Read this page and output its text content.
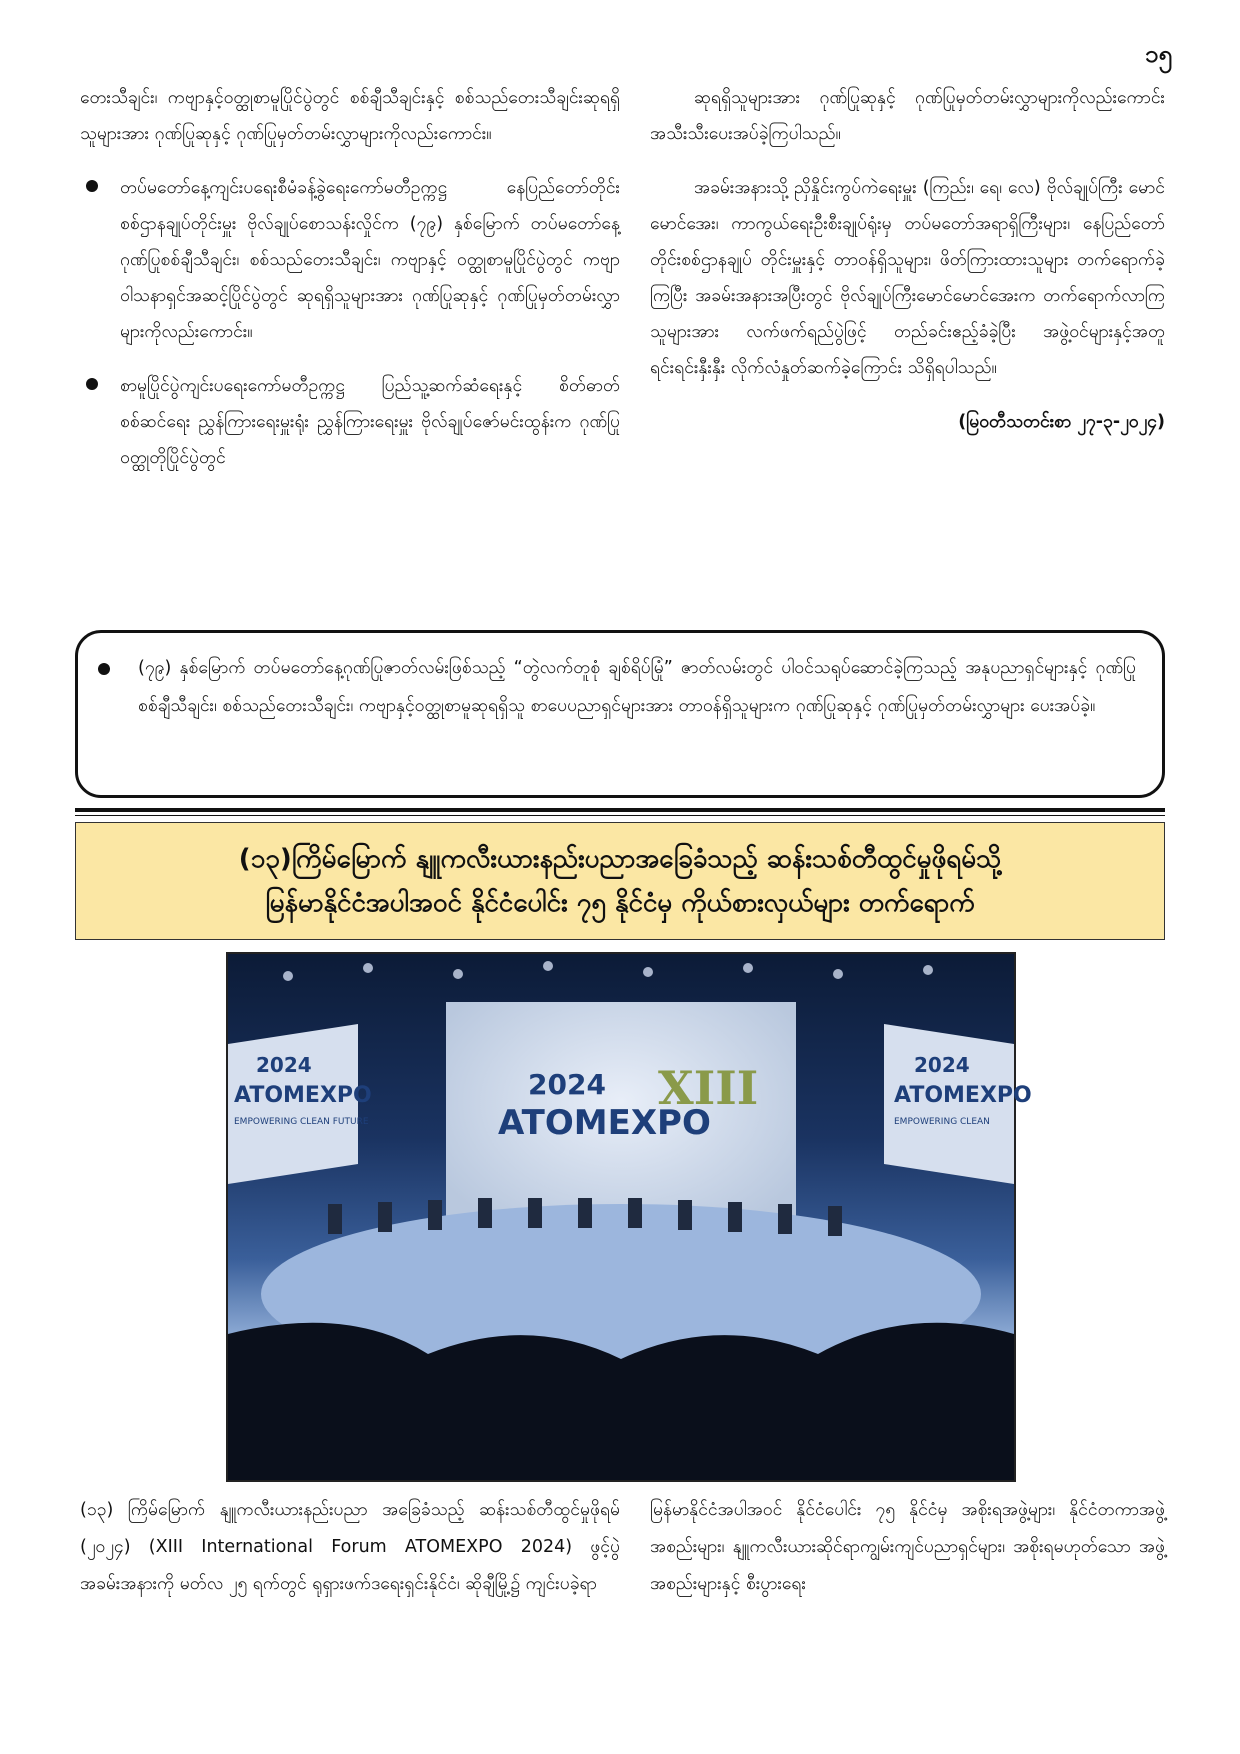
၁၅

တေးသီချင်း၊ ကဗျာနှင့်ဝတ္ထုစာမူပြိုင်ပွဲတွင် စစ်ချီသီချင်းနှင့် စစ်သည်တေးသီချင်းဆုရရှိသူများအား ဂုဏ်ပြုဆုနှင့် ဂုဏ်ပြုမှတ်တမ်းလွှာများကိုလည်းကောင်း။

တပ်မတော်နေ့ကျင်းပရေးစီမံခန့်ခွဲရေးကော်မတီဥက္ကဋ္ဌ နေပြည်တော်တိုင်း စစ်ဌာနချုပ်တိုင်းမှူး ဗိုလ်ချုပ်စောသန်းလှိုင်က (၇၉) နှစ်မြောက် တပ်မတော်နေ့ ဂုဏ်ပြုစစ်ချီသီချင်း၊ စစ်သည်တေးသီချင်း၊ ကဗျာနှင့် ဝတ္ထုစာမူပြိုင်ပွဲတွင် ကဗျာဝါသနာရှင်အဆင့်ပြိုင်ပွဲတွင် ဆုရရှိသူများအား ဂုဏ်ပြုဆုနှင့် ဂုဏ်ပြုမှတ်တမ်းလွှာများကိုလည်းကောင်း။
စာမူပြိုင်ပွဲကျင်းပရေးကော်မတီဥက္ကဋ္ဌ ပြည်သူ့ဆက်ဆံရေးနှင့် စိတ်ဓာတ်စစ်ဆင်ရေး ညွှန်ကြားရေးမှူးရုံး ညွှန်ကြားရေးမှူး ဗိုလ်ချုပ်ဇော်မင်းထွန်းက ဂုဏ်ပြုဝတ္ထုတိုပြိုင်ပွဲတွင်

ဆုရရှိသူများအား ဂုဏ်ပြုဆုနှင့် ဂုဏ်ပြုမှတ်တမ်းလွှာများကိုလည်းကောင်း အသီးသီးပေးအပ်ခဲ့ကြပါသည်။

အခမ်းအနားသို့ ညှိနှိုင်းကွပ်ကဲရေးမှူး (ကြည်း၊ ရေ၊ လေ) ဗိုလ်ချုပ်ကြီး မောင်မောင်အေး၊ ကာကွယ်ရေးဦးစီးချုပ်ရုံးမှ တပ်မတော်အရာရှိကြီးများ၊ နေပြည်တော်တိုင်းစစ်ဌာနချုပ် တိုင်းမှူးနှင့် တာဝန်ရှိသူများ၊ ဖိတ်ကြားထားသူများ တက်ရောက်ခဲ့ကြပြီး အခမ်းအနားအပြီးတွင် ဗိုလ်ချုပ်ကြီးမောင်မောင်အေးက တက်ရောက်လာကြသူများအား လက်ဖက်ရည်ပွဲဖြင့် တည်ခင်းဧည့်ခံခဲ့ပြီး အဖွဲ့ဝင်များနှင့်အတူ ရင်းရင်းနှီးနှီး လိုက်လံနှုတ်ဆက်ခဲ့ကြောင်း သိရှိရပါသည်။

(မြဝတီသတင်းစာ ၂၇-၃-၂၀၂၄)
(၇၉) နှစ်မြောက် တပ်မတော်နေ့ဂုဏ်ပြုဇာတ်လမ်းဖြစ်သည့် “တွဲလက်တူစုံ ချစ်ရိပ်မြုံ” ဇာတ်လမ်းတွင် ပါဝင်သရုပ်ဆောင်ခဲ့ကြသည့် အနုပညာရှင်များနှင့် ဂုဏ်ပြုစစ်ချီသီချင်း၊ စစ်သည်တေးသီချင်း၊ ကဗျာနှင့်ဝတ္ထုစာမူဆုရရှိသူ စာပေပညာရှင်များအား တာဝန်ရှိသူများက ဂုဏ်ပြုဆုနှင့် ဂုဏ်ပြုမှတ်တမ်းလွှာများ ပေးအပ်ခဲ့။
(၁၃)ကြိမ်မြောက် နျူကလီးယားနည်းပညာအခြေခံသည့် ဆန်းသစ်တီထွင်မှုဖိုရမ်သို့
မြန်မာနိုင်ငံအပါအဝင် နိုင်ငံပေါင်း ၇၅ နိုင်ငံမှ ကိုယ်စားလှယ်များ တက်ရောက်
2024
ATOMEXPO
EMPOWERING CLEAN FUTURE
2024
ATOMEXPO
XIII	2024
ATOMEXPO
EMPOWERING CLEAN
(၁၃) ကြိမ်မြောက် နျူကလီးယားနည်းပညာ အခြေခံသည့် ဆန်းသစ်တီထွင်မှုဖိုရမ် (၂၀၂၄) (XIII International Forum ATOMEXPO 2024) ဖွင့်ပွဲအခမ်းအနားကို မတ်လ ၂၅ ရက်တွင် ရုရှားဖက်ဒရေးရှင်းနိုင်ငံ၊ ဆိုချီမြို့၌ ကျင်းပခဲ့ရာ
မြန်မာနိုင်ငံအပါအဝင် နိုင်ငံပေါင်း ၇၅ နိုင်ငံမှ အစိုးရအဖွဲ့များ၊ နိုင်ငံတကာအဖွဲ့အစည်းများ၊ နျူကလီးယားဆိုင်ရာကျွမ်းကျင်ပညာရှင်များ၊ အစိုးရမဟုတ်သော အဖွဲ့အစည်းများနှင့် စီးပွားရေး
